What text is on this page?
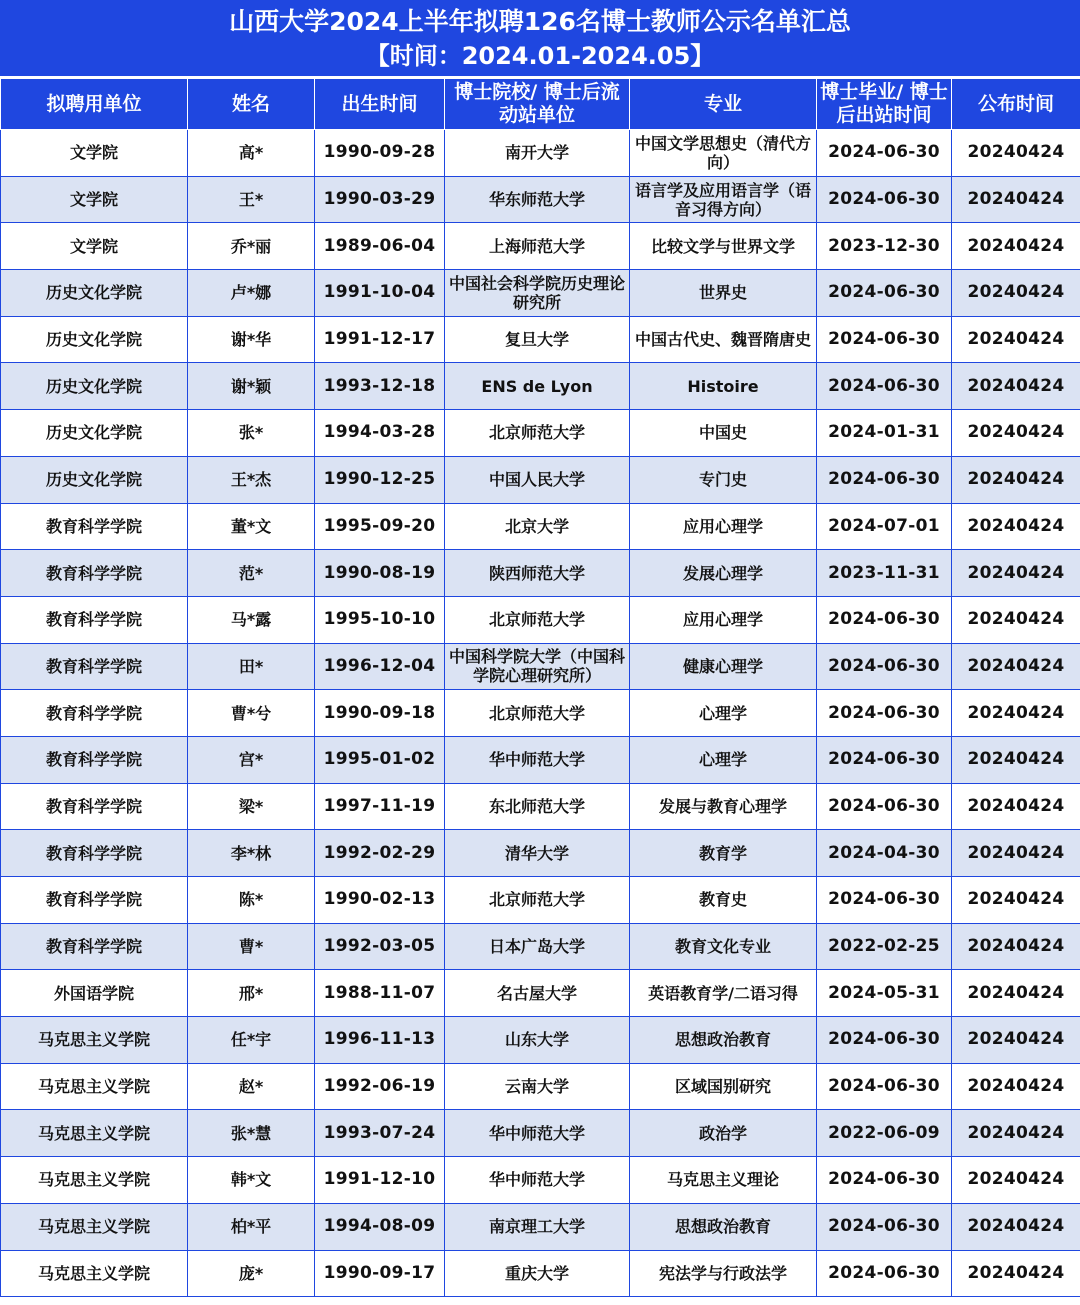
山西大学2024上半年拟聘126名博士教师公示名单汇总
【时间：2024.01-2024.05】
拟聘用单位	姓名	出生时间	博士院校/ 博士后流动站单位	专业	博士毕业/ 博士后出站时间	公布时间
文学院	高*	1990-09-28	南开大学	中国文学思想史（清代方向）	2024-06-30	20240424
文学院	王*	1990-03-29	华东师范大学	语言学及应用语言学（语音习得方向）	2024-06-30	20240424
文学院	乔*丽	1989-06-04	上海师范大学	比较文学与世界文学	2023-12-30	20240424
历史文化学院	卢*娜	1991-10-04	中国社会科学院历史理论研究所	世界史	2024-06-30	20240424
历史文化学院	谢*华	1991-12-17	复旦大学	中国古代史、魏晋隋唐史	2024-06-30	20240424
历史文化学院	谢*颖	1993-12-18	ENS de Lyon	Histoire	2024-06-30	20240424
历史文化学院	张*	1994-03-28	北京师范大学	中国史	2024-01-31	20240424
历史文化学院	王*杰	1990-12-25	中国人民大学	专门史	2024-06-30	20240424
教育科学学院	董*文	1995-09-20	北京大学	应用心理学	2024-07-01	20240424
教育科学学院	范*	1990-08-19	陕西师范大学	发展心理学	2023-11-31	20240424
教育科学学院	马*露	1995-10-10	北京师范大学	应用心理学	2024-06-30	20240424
教育科学学院	田*	1996-12-04	中国科学院大学（中国科学院心理研究所）	健康心理学	2024-06-30	20240424
教育科学学院	曹*兮	1990-09-18	北京师范大学	心理学	2024-06-30	20240424
教育科学学院	宫*	1995-01-02	华中师范大学	心理学	2024-06-30	20240424
教育科学学院	梁*	1997-11-19	东北师范大学	发展与教育心理学	2024-06-30	20240424
教育科学学院	李*林	1992-02-29	清华大学	教育学	2024-04-30	20240424
教育科学学院	陈*	1990-02-13	北京师范大学	教育史	2024-06-30	20240424
教育科学学院	曹*	1992-03-05	日本广岛大学	教育文化专业	2022-02-25	20240424
外国语学院	邢*	1988-11-07	名古屋大学	英语教育学/二语习得	2024-05-31	20240424
马克思主义学院	任*宇	1996-11-13	山东大学	思想政治教育	2024-06-30	20240424
马克思主义学院	赵*	1992-06-19	云南大学	区域国别研究	2024-06-30	20240424
马克思主义学院	张*慧	1993-07-24	华中师范大学	政治学	2022-06-09	20240424
马克思主义学院	韩*文	1991-12-10	华中师范大学	马克思主义理论	2024-06-30	20240424
马克思主义学院	柏*平	1994-08-09	南京理工大学	思想政治教育	2024-06-30	20240424
马克思主义学院	庞*	1990-09-17	重庆大学	宪法学与行政法学	2024-06-30	20240424
